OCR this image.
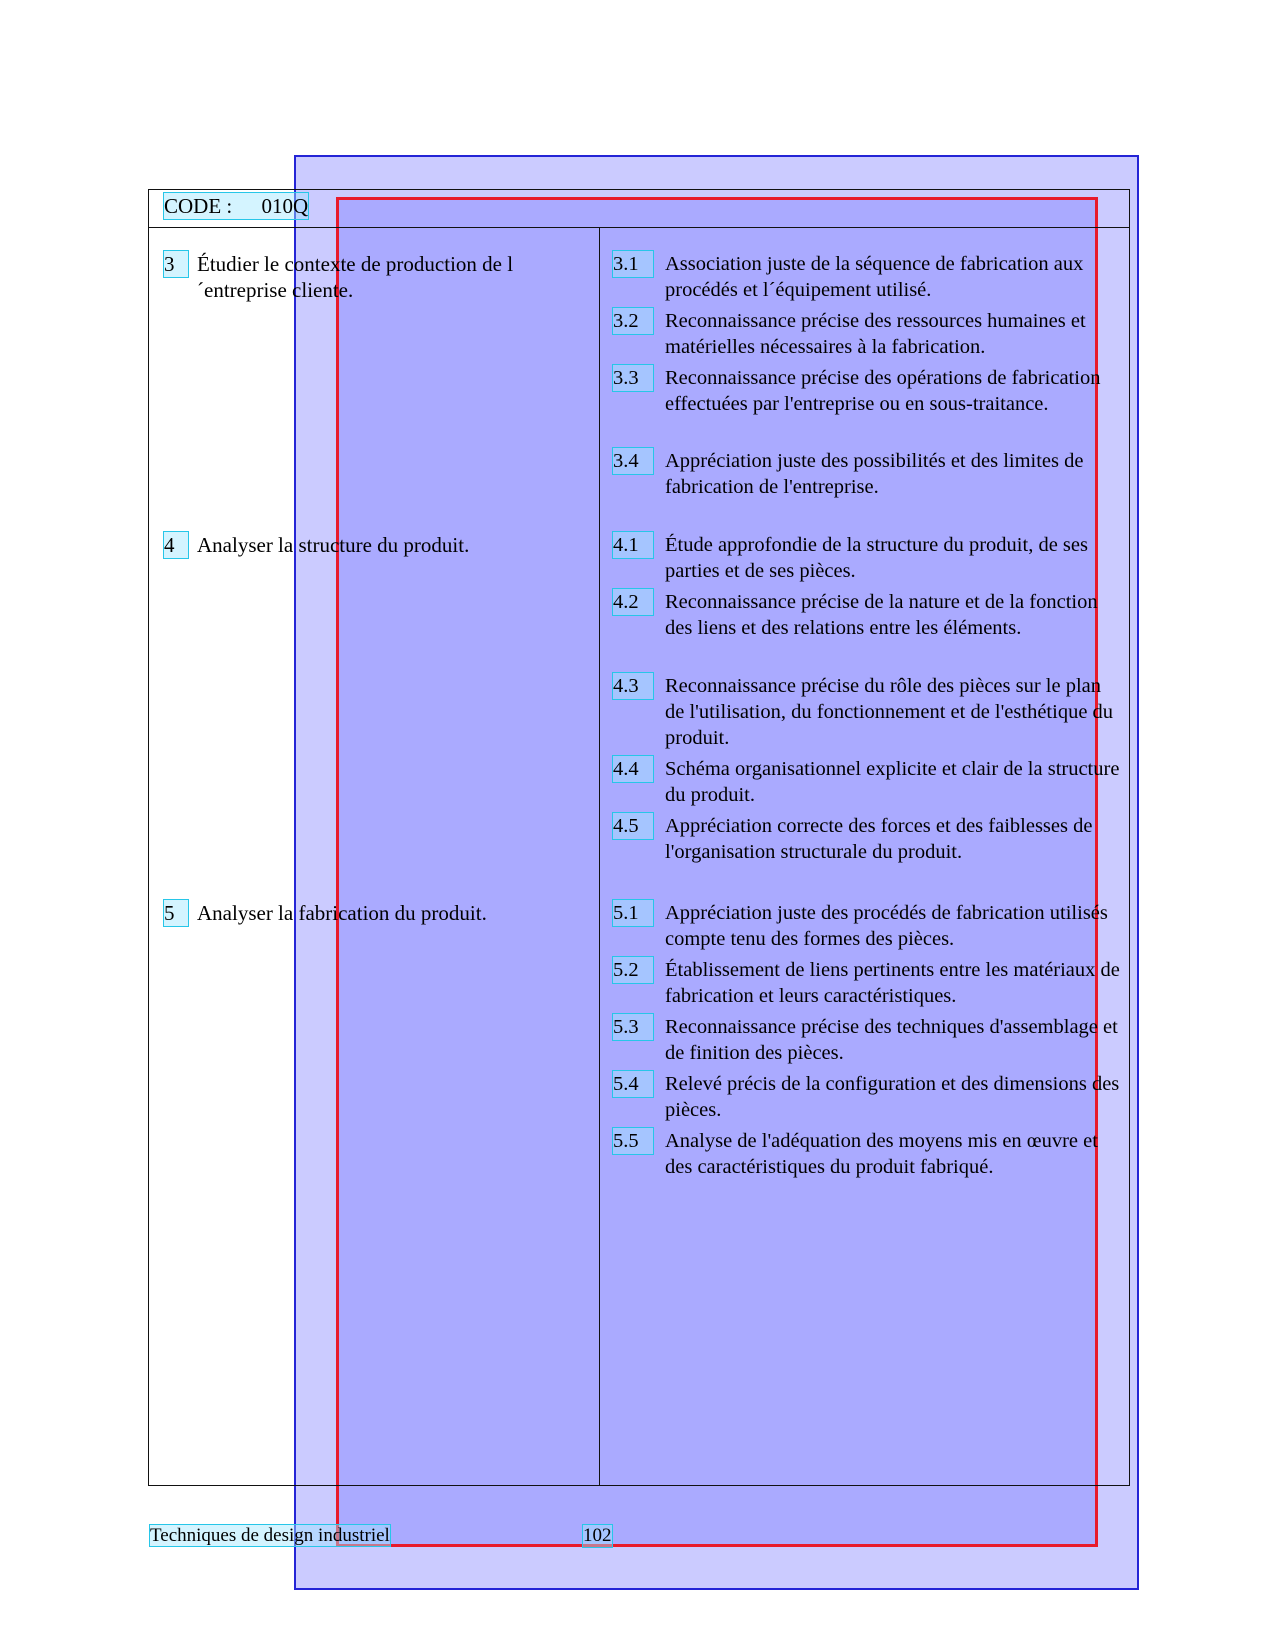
CODE : 010Q
3	Étudier le contexte de production de l´entreprise cliente.
3.1	Association juste de la séquence de fabrication aux procédés et l´équipement utilisé.
3.2	Reconnaissance précise des ressources humaines et matérielles nécessaires à la fabrication.
3.3	Reconnaissance précise des opérations de fabrication effectuées par l'entreprise ou en sous-traitance.
3.4	Appréciation juste des possibilités et des limites de fabrication de l'entreprise.
4	Analyser la structure du produit.	4.1	Étude approfondie de la structure du produit, de ses parties et de ses pièces.
4.2	Reconnaissance précise de la nature et de la fonction des liens et des relations entre les éléments.
4.3	Reconnaissance précise du rôle des pièces sur le plan de l'utilisation, du fonctionnement et de l'esthétique du produit.
4.4	Schéma organisationnel explicite et clair de la structure du produit.
4.5	Appréciation correcte des forces et des faiblesses de l'organisation structurale du produit.
5	Analyser la fabrication du produit.	5.1	Appréciation juste des procédés de fabrication utilisés compte tenu des formes des pièces.
5.2	Établissement de liens pertinents entre les matériaux de fabrication et leurs caractéristiques.
5.3	Reconnaissance précise des techniques d'assemblage et de finition des pièces.
5.4	Relevé précis de la configuration et des dimensions des pièces.
5.5	Analyse de l'adéquation des moyens mis en œuvre et des caractéristiques du produit fabriqué.
Techniques de design industriel	102
